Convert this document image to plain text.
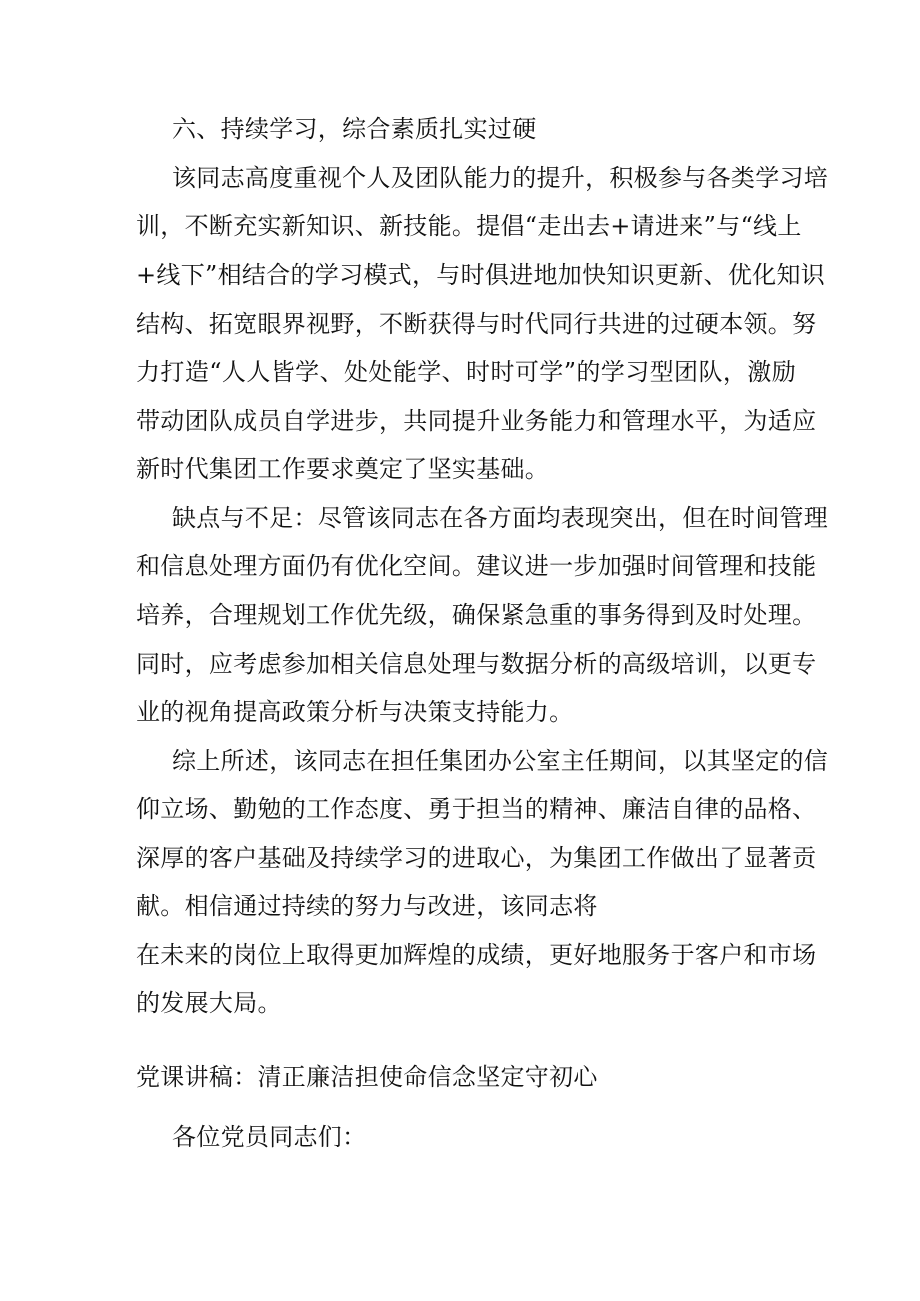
六、持续学习，综合素质扎实过硬
该同志高度重视个人及团队能力的提升，积极参与各类学习培
训，不断充实新知识、新技能。提倡“走出去+请进来”与“线上
+线下”相结合的学习模式，与时俱进地加快知识更新、优化知识
结构、拓宽眼界视野，不断获得与时代同行共进的过硬本领。努
力打造“人人皆学、处处能学、时时可学”的学习型团队，激励
带动团队成员自学进步，共同提升业务能力和管理水平，为适应
新时代集团工作要求奠定了坚实基础。
缺点与不足：尽管该同志在各方面均表现突出，但在时间管理
和信息处理方面仍有优化空间。建议进一步加强时间管理和技能
培养，合理规划工作优先级，确保紧急重的事务得到及时处理。
同时，应考虑参加相关信息处理与数据分析的高级培训，以更专
业的视角提高政策分析与决策支持能力。
综上所述，该同志在担任集团办公室主任期间，以其坚定的信
仰立场、勤勉的工作态度、勇于担当的精神、廉洁自律的品格、
深厚的客户基础及持续学习的进取心，为集团工作做出了显著贡
献。相信通过持续的努力与改进，该同志将
在未来的岗位上取得更加辉煌的成绩，更好地服务于客户和市场
的发展大局。
党课讲稿：清正廉洁担使命信念坚定守初心
各位党员同志们：
